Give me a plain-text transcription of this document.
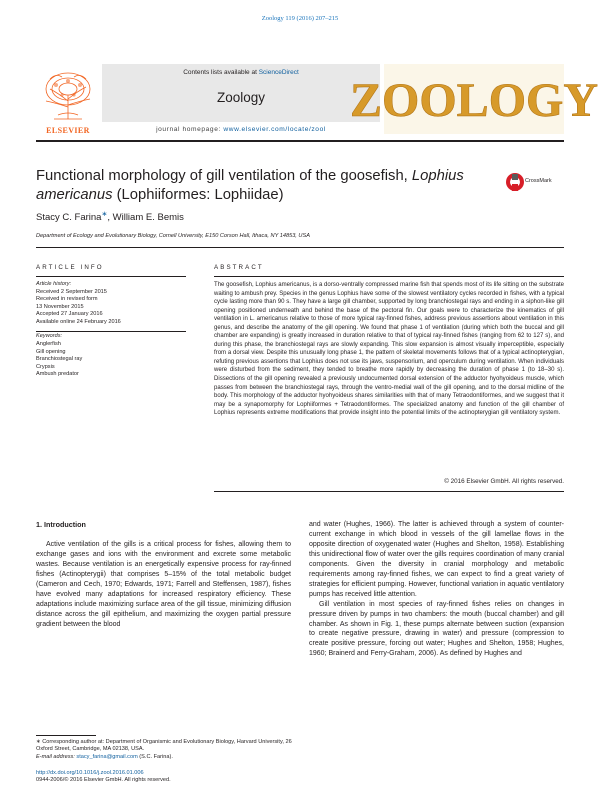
Zoology 119 (2016) 207–215
ELSEVIER
Contents lists available at ScienceDirect
Zoology
journal homepage: www.elsevier.com/locate/zool
ZOOLOGY
Functional morphology of gill ventilation of the goosefish, Lophius americanus (Lophiiformes: Lophiidae)
CrossMark
Stacy C. Farina∗, William E. Bemis
Department of Ecology and Evolutionary Biology, Cornell University, E150 Corson Hall, Ithaca, NY 14853, USA
ARTICLE INFO
Article history:
Received 2 September 2015
Received in revised form
13 November 2015
Accepted 27 January 2016
Available online 24 February 2016
Keywords:
Anglerfish
Gill opening
Branchiostegal ray
Crypsis
Ambush predator
ABSTRACT
The goosefish, Lophius americanus, is a dorso-ventrally compressed marine fish that spends most of its life sitting on the substrate waiting to ambush prey. Species in the genus Lophius have some of the slowest ventilatory cycles recorded in fishes, with a typical cycle lasting more than 90 s. They have a large gill chamber, supported by long branchiostegal rays and ending in a siphon-like gill opening positioned underneath and behind the base of the pectoral fin. Our goals were to characterize the kinematics of gill ventilation in L. americanus relative to those of more typical ray-finned fishes, address previous assertions about ventilation in this genus, and describe the anatomy of the gill opening. We found that phase 1 of ventilation (during which both the buccal and gill chamber are expanding) is greatly increased in duration relative to that of typical ray-finned fishes (ranging from 62 to 127 s), and during this phase, the branchiostegal rays are slowly expanding. This slow expansion is almost visually imperceptible, especially from a dorsal view. Despite this unusually long phase 1, the pattern of skeletal movements follows that of a typical actinopterygian, refuting previous assertions that Lophius does not use its jaws, suspensorium, and operculum during ventilation. When individuals were disturbed from the sediment, they tended to breathe more rapidly by decreasing the duration of phase 1 (to 18–30 s). Dissections of the gill opening revealed a previously undocumented dorsal extension of the adductor hyohyoideus muscle, which passes from between the branchiostegal rays, through the ventro-medial wall of the gill opening, and to the dorsal midline of the body. This morphology of the adductor hyohyoideus shares similarities with that of many Tetraodontiformes, and we suggest that it may be a synapomorphy for Lophiiformes + Tetraodontiformes. The specialized anatomy and function of the gill chamber of Lophius represents extreme modifications that provide insight into the potential limits of the actinopterygian gill ventilatory system.
© 2016 Elsevier GmbH. All rights reserved.
1. Introduction

Active ventilation of the gills is a critical process for fishes, allowing them to exchange gases and ions with the environment and excrete some metabolic wastes. Because ventilation is an energetically expensive process for ray-finned fishes (Actinopterygii) that comprises 5–15% of the total metabolic budget (Cameron and Cech, 1970; Edwards, 1971; Farrell and Steffensen, 1987), fishes have evolved many adaptations for increased respiratory efficiency. These adaptations include maximizing surface area of the gill tissue, minimizing diffusion distance across the gill epithelium, and maximizing the oxygen partial pressure gradient between the blood

and water (Hughes, 1966). The latter is achieved through a system of counter-current exchange in which blood in vessels of the gill lamellae flows in the opposite direction of oxygenated water (Hughes and Shelton, 1958). Establishing this unidirectional flow of water over the gills requires coordination of many cranial components. Given the diversity in cranial morphology and metabolic requirements among ray-finned fishes, we can expect to find a great variety of strategies for efficient pumping. However, functional variation in aquatic ventilatory pumps has received little attention.

Gill ventilation in most species of ray-finned fishes relies on changes in pressure driven by pumps in two chambers: the mouth (buccal chamber) and gill chamber. As shown in Fig. 1, these pumps alternate between suction (expansion to create negative pressure, drawing in water) and pressure (compression to create positive pressure, forcing out water; Hughes and Shelton, 1958; Hughes, 1960; Brainerd and Ferry-Graham, 2006). As defined by Hughes and

∗ Corresponding author at: Department of Organismic and Evolutionary Biology, Harvard University, 26 Oxford Street, Cambridge, MA 02138, USA.
E-mail address: stacy_farina@gmail.com (S.C. Farina).
http://dx.doi.org/10.1016/j.zool.2016.01.006
0944-2006/© 2016 Elsevier GmbH. All rights reserved.
